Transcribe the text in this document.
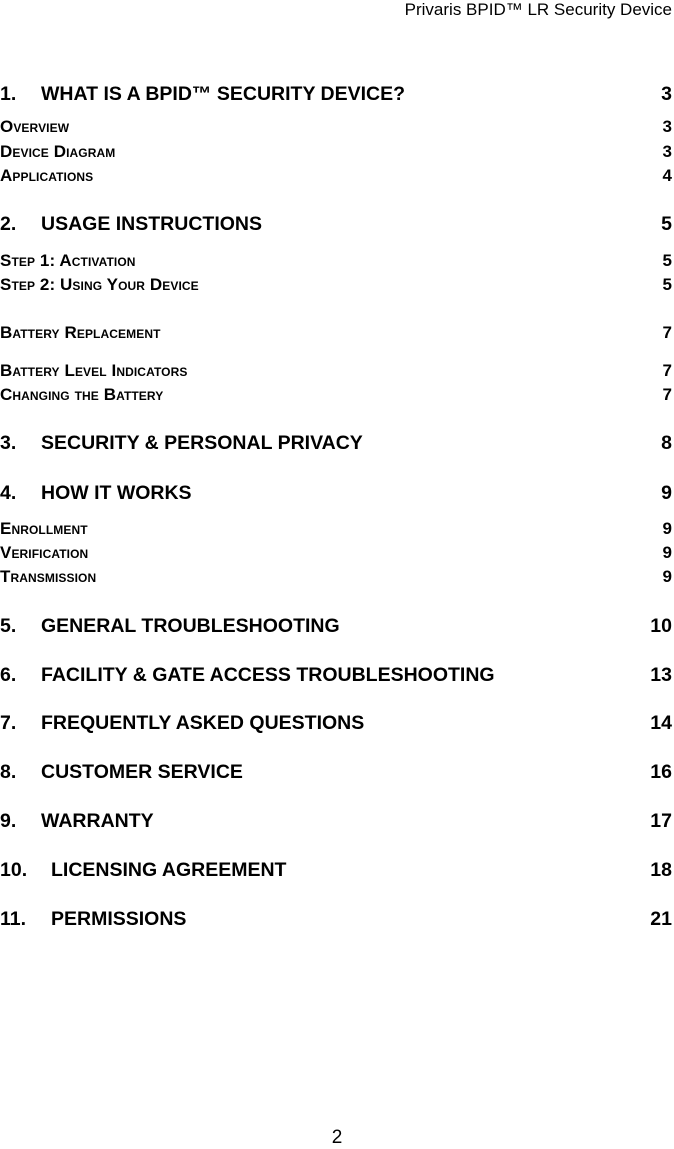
Privaris BPID™ LR Security Device
1. WHAT IS A BPID™ SECURITY DEVICE?	3
Overview	3
Device Diagram	3
Applications	4
2. USAGE INSTRUCTIONS	5
Step 1: Activation	5
Step 2: Using Your Device	5
Battery Replacement	7
Battery Level Indicators	7
Changing the Battery	7
3. SECURITY & PERSONAL PRIVACY	8
4. HOW IT WORKS	9
Enrollment	9
Verification	9
Transmission	9
5. GENERAL TROUBLESHOOTING	10
6. FACILITY & GATE ACCESS TROUBLESHOOTING	13
7. FREQUENTLY ASKED QUESTIONS	14
8. CUSTOMER SERVICE	16
9. WARRANTY	17
10. LICENSING AGREEMENT	18
11. PERMISSIONS	21
2
